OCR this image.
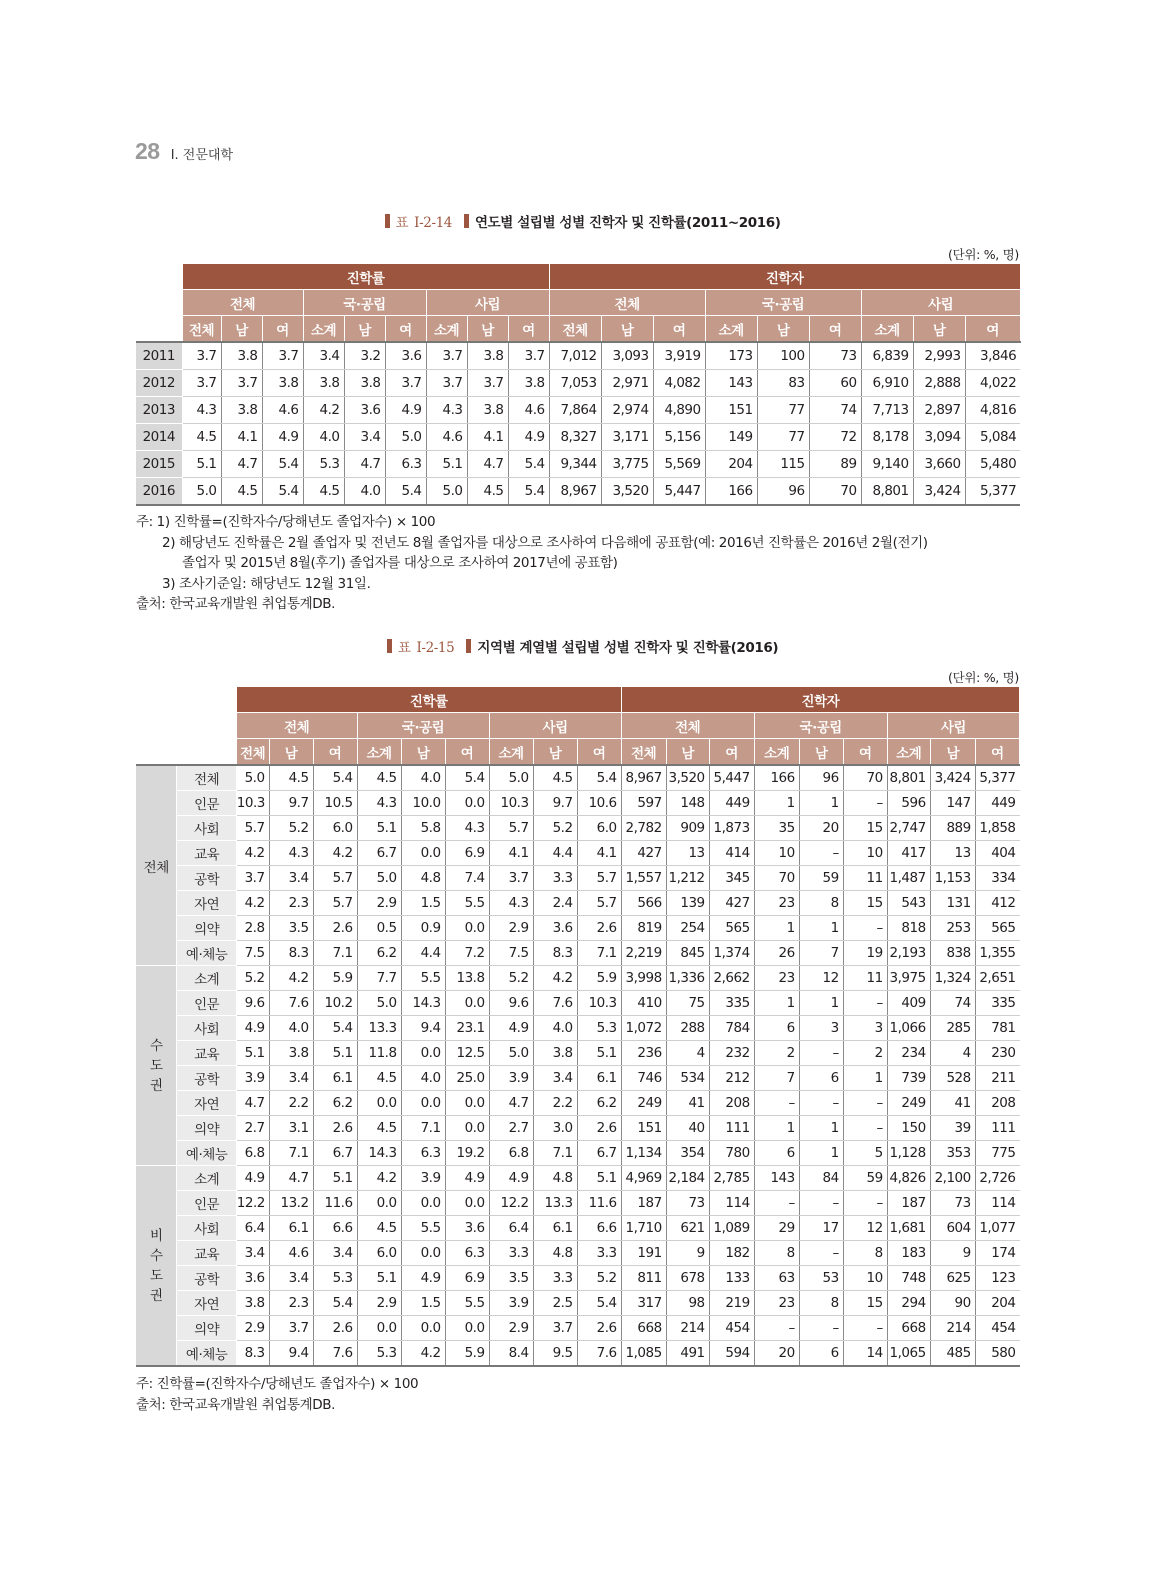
28 Ⅰ. 전문대학
표 Ⅰ-2-14 연도별 설립별 성별 진학자 및 진학률(2011~2016)
(단위: %, 명)
	진학률									진학자								
	전체			국·공립			사립			전체			국·공립			사립		
	전체	남	여	소계	남	여	소계	남	여	전체	남	여	소계	남	여	소계	남	여
2011	3.7	3.8	3.7	3.4	3.2	3.6	3.7	3.8	3.7	7,012	3,093	3,919	173	100	73	6,839	2,993	3,846
2012	3.7	3.7	3.8	3.8	3.8	3.7	3.7	3.7	3.8	7,053	2,971	4,082	143	83	60	6,910	2,888	4,022
2013	4.3	3.8	4.6	4.2	3.6	4.9	4.3	3.8	4.6	7,864	2,974	4,890	151	77	74	7,713	2,897	4,816
2014	4.5	4.1	4.9	4.0	3.4	5.0	4.6	4.1	4.9	8,327	3,171	5,156	149	77	72	8,178	3,094	5,084
2015	5.1	4.7	5.4	5.3	4.7	6.3	5.1	4.7	5.4	9,344	3,775	5,569	204	115	89	9,140	3,660	5,480
2016	5.0	4.5	5.4	4.5	4.0	5.4	5.0	4.5	5.4	8,967	3,520	5,447	166	96	70	8,801	3,424	5,377
주: 1) 진학률=(진학자수/당해년도 졸업자수) × 100
2) 해당년도 진학률은 2월 졸업자 및 전년도 8월 졸업자를 대상으로 조사하여 다음해에 공표함(예: 2016년 진학률은 2016년 2월(전기)
졸업자 및 2015년 8월(후기) 졸업자를 대상으로 조사하여 2017년에 공표함)
3) 조사기준일: 해당년도 12월 31일.
출처: 한국교육개발원 취업통계DB.
표 Ⅰ-2-15 지역별 계열별 설립별 성별 진학자 및 진학률(2016)
(단위: %, 명)
		진학률									진학자								
		전체			국·공립			사립			전체			국·공립			사립		
		전체	남	여	소계	남	여	소계	남	여	전체	남	여	소계	남	여	소계	남	여
전체	전체	5.0	4.5	5.4	4.5	4.0	5.4	5.0	4.5	5.4	8,967	3,520	5,447	166	96	70	8,801	3,424	5,377
	인문	10.3	9.7	10.5	4.3	10.0	0.0	10.3	9.7	10.6	597	148	449	1	1	–	596	147	449
	사회	5.7	5.2	6.0	5.1	5.8	4.3	5.7	5.2	6.0	2,782	909	1,873	35	20	15	2,747	889	1,858
	교육	4.2	4.3	4.2	6.7	0.0	6.9	4.1	4.4	4.1	427	13	414	10	–	10	417	13	404
	공학	3.7	3.4	5.7	5.0	4.8	7.4	3.7	3.3	5.7	1,557	1,212	345	70	59	11	1,487	1,153	334
	자연	4.2	2.3	5.7	2.9	1.5	5.5	4.3	2.4	5.7	566	139	427	23	8	15	543	131	412
	의약	2.8	3.5	2.6	0.5	0.9	0.0	2.9	3.6	2.6	819	254	565	1	1	–	818	253	565
	예·체능	7.5	8.3	7.1	6.2	4.4	7.2	7.5	8.3	7.1	2,219	845	1,374	26	7	19	2,193	838	1,355
수도권	소계	5.2	4.2	5.9	7.7	5.5	13.8	5.2	4.2	5.9	3,998	1,336	2,662	23	12	11	3,975	1,324	2,651
	인문	9.6	7.6	10.2	5.0	14.3	0.0	9.6	7.6	10.3	410	75	335	1	1	–	409	74	335
	사회	4.9	4.0	5.4	13.3	9.4	23.1	4.9	4.0	5.3	1,072	288	784	6	3	3	1,066	285	781
	교육	5.1	3.8	5.1	11.8	0.0	12.5	5.0	3.8	5.1	236	4	232	2	–	2	234	4	230
	공학	3.9	3.4	6.1	4.5	4.0	25.0	3.9	3.4	6.1	746	534	212	7	6	1	739	528	211
	자연	4.7	2.2	6.2	0.0	0.0	0.0	4.7	2.2	6.2	249	41	208	–	–	–	249	41	208
	의약	2.7	3.1	2.6	4.5	7.1	0.0	2.7	3.0	2.6	151	40	111	1	1	–	150	39	111
	예·체능	6.8	7.1	6.7	14.3	6.3	19.2	6.8	7.1	6.7	1,134	354	780	6	1	5	1,128	353	775
비수도권	소계	4.9	4.7	5.1	4.2	3.9	4.9	4.9	4.8	5.1	4,969	2,184	2,785	143	84	59	4,826	2,100	2,726
	인문	12.2	13.2	11.6	0.0	0.0	0.0	12.2	13.3	11.6	187	73	114	–	–	–	187	73	114
	사회	6.4	6.1	6.6	4.5	5.5	3.6	6.4	6.1	6.6	1,710	621	1,089	29	17	12	1,681	604	1,077
	교육	3.4	4.6	3.4	6.0	0.0	6.3	3.3	4.8	3.3	191	9	182	8	–	8	183	9	174
	공학	3.6	3.4	5.3	5.1	4.9	6.9	3.5	3.3	5.2	811	678	133	63	53	10	748	625	123
	자연	3.8	2.3	5.4	2.9	1.5	5.5	3.9	2.5	5.4	317	98	219	23	8	15	294	90	204
	의약	2.9	3.7	2.6	0.0	0.0	0.0	2.9	3.7	2.6	668	214	454	–	–	–	668	214	454
	예·체능	8.3	9.4	7.6	5.3	4.2	5.9	8.4	9.5	7.6	1,085	491	594	20	6	14	1,065	485	580
주: 진학률=(진학자수/당해년도 졸업자수) × 100
출처: 한국교육개발원 취업통계DB.
